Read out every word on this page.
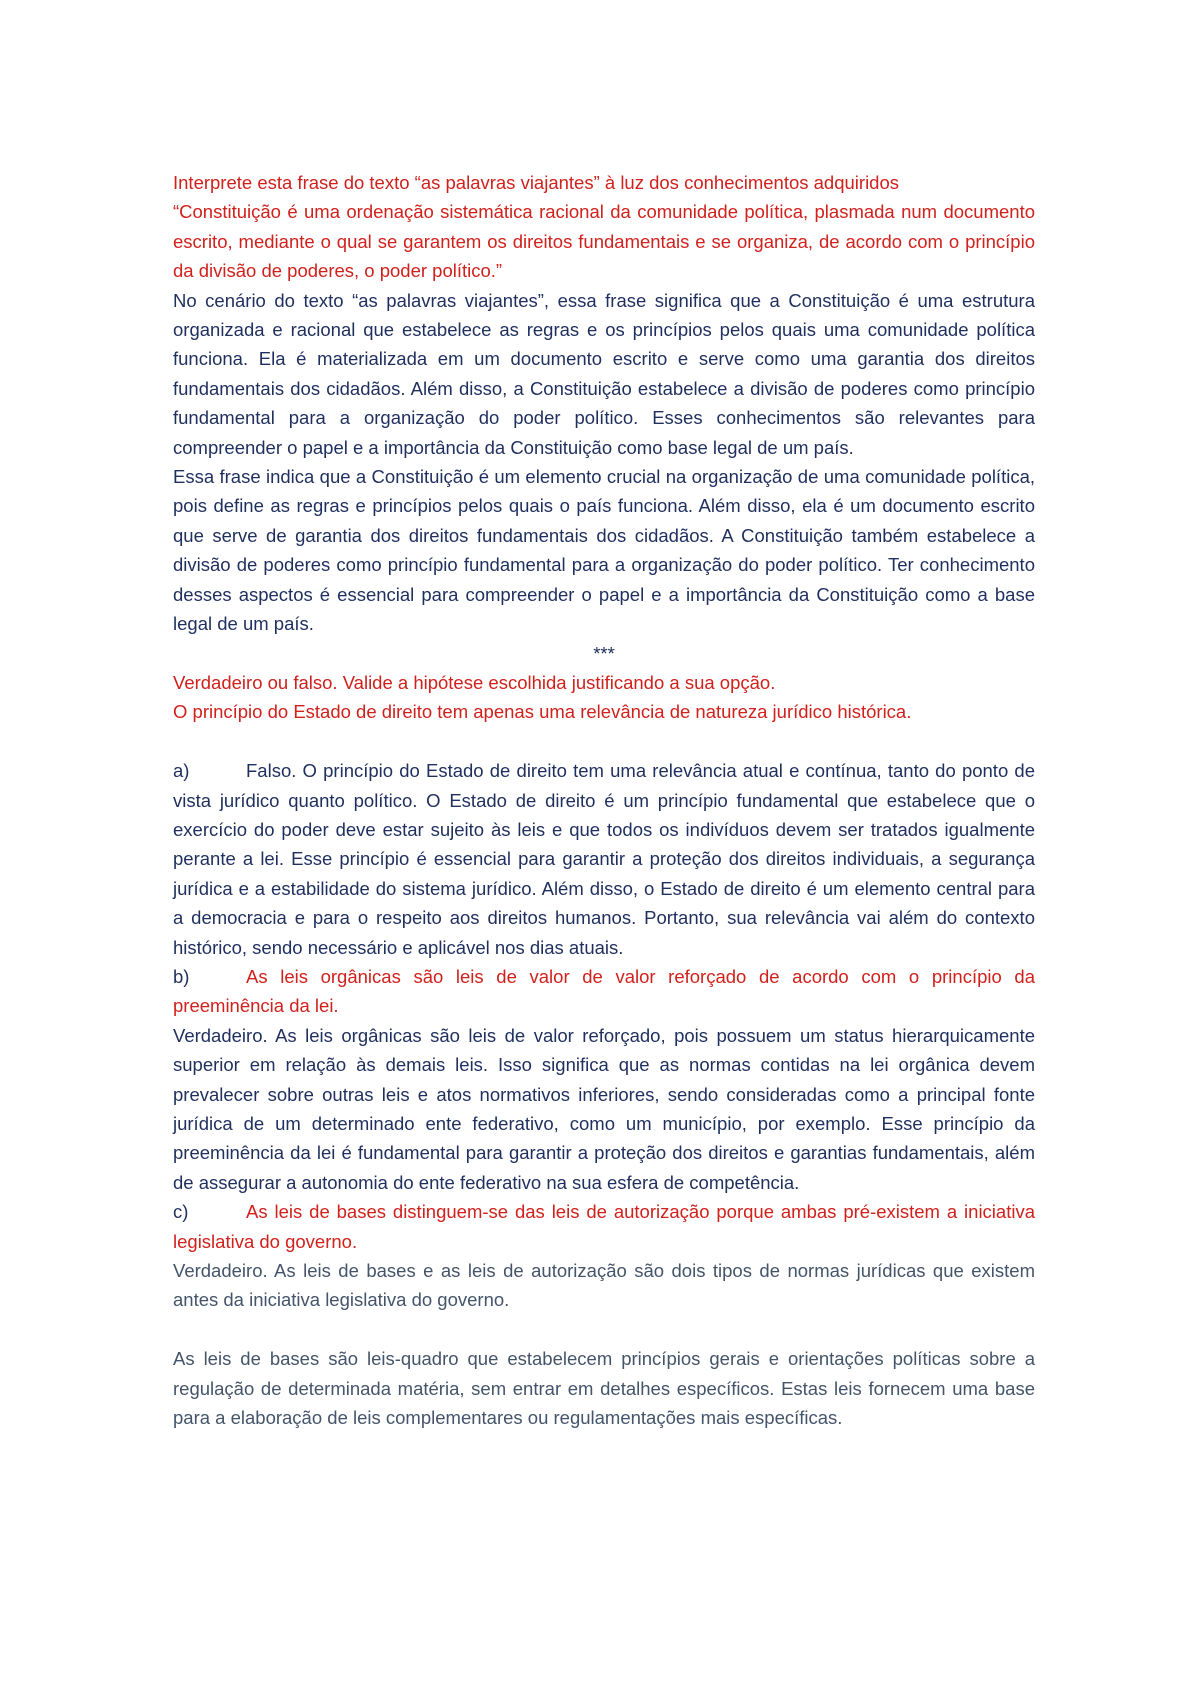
Interprete esta frase do texto “as palavras viajantes” à luz dos conhecimentos adquiridos

“Constituição é uma ordenação sistemática racional da comunidade política, plasmada num documento escrito, mediante o qual se garantem os direitos fundamentais e se organiza, de acordo com o princípio da divisão de poderes, o poder político.”

No cenário do texto “as palavras viajantes”, essa frase significa que a Constituição é uma estrutura organizada e racional que estabelece as regras e os princípios pelos quais uma comunidade política funciona. Ela é materializada em um documento escrito e serve como uma garantia dos direitos fundamentais dos cidadãos. Além disso, a Constituição estabelece a divisão de poderes como princípio fundamental para a organização do poder político. Esses conhecimentos são relevantes para compreender o papel e a importância da Constituição como base legal de um país.

Essa frase indica que a Constituição é um elemento crucial na organização de uma comunidade política, pois define as regras e princípios pelos quais o país funciona. Além disso, ela é um documento escrito que serve de garantia dos direitos fundamentais dos cidadãos. A Constituição também estabelece a divisão de poderes como princípio fundamental para a organização do poder político. Ter conhecimento desses aspectos é essencial para compreender o papel e a importância da Constituição como a base legal de um país.

***

Verdadeiro ou falso. Valide a hipótese escolhida justificando a sua opção.

O princípio do Estado de direito tem apenas uma relevância de natureza jurídico histórica.

a)	Falso. O princípio do Estado de direito tem uma relevância atual e contínua, tanto do ponto de vista jurídico quanto político. O Estado de direito é um princípio fundamental que estabelece que o exercício do poder deve estar sujeito às leis e que todos os indivíduos devem ser tratados igualmente perante a lei. Esse princípio é essencial para garantir a proteção dos direitos individuais, a segurança jurídica e a estabilidade do sistema jurídico. Além disso, o Estado de direito é um elemento central para a democracia e para o respeito aos direitos humanos. Portanto, sua relevância vai além do contexto histórico, sendo necessário e aplicável nos dias atuais.

b)	As leis orgânicas são leis de valor de valor reforçado de acordo com o princípio da preeminência da lei.

Verdadeiro. As leis orgânicas são leis de valor reforçado, pois possuem um status hierarquicamente superior em relação às demais leis. Isso significa que as normas contidas na lei orgânica devem prevalecer sobre outras leis e atos normativos inferiores, sendo consideradas como a principal fonte jurídica de um determinado ente federativo, como um município, por exemplo. Esse princípio da preeminência da lei é fundamental para garantir a proteção dos direitos e garantias fundamentais, além de assegurar a autonomia do ente federativo na sua esfera de competência.

c)	As leis de bases distinguem-se das leis de autorização porque ambas pré-existem a iniciativa legislativa do governo.

Verdadeiro. As leis de bases e as leis de autorização são dois tipos de normas jurídicas que existem antes da iniciativa legislativa do governo.

As leis de bases são leis-quadro que estabelecem princípios gerais e orientações políticas sobre a regulação de determinada matéria, sem entrar em detalhes específicos. Estas leis fornecem uma base para a elaboração de leis complementares ou regulamentações mais específicas.
